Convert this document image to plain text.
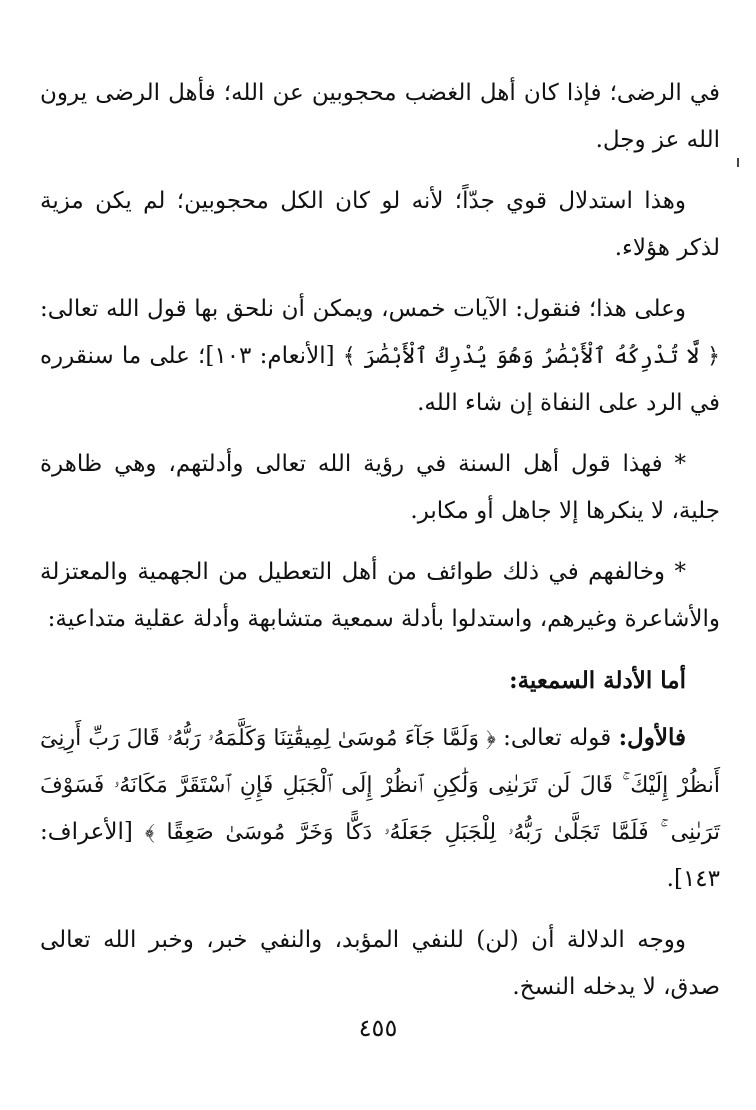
في الرضى؛ فإذا كان أهل الغضب محجوبين عن الله؛ فأهل الرضى يرون الله عز وجل.

وهذا استدلال قوي جدّاً؛ لأنه لو كان الكل محجوبين؛ لم يكن مزية لذكر هؤلاء.

وعلى هذا؛ فنقول: الآيات خمس، ويمكن أن نلحق بها قول الله تعالى: ﴿ لَّا تُدْرِكُهُ ٱلْأَبْصَٰرُ وَهُوَ يُدْرِكُ ٱلْأَبْصَٰرَ ﴾ [الأنعام: ١٠٣]؛ على ما سنقرره في الرد على النفاة إن شاء الله.

* فهذا قول أهل السنة في رؤية الله تعالى وأدلتهم، وهي ظاهرة جلية، لا ينكرها إلا جاهل أو مكابر.

* وخالفهم في ذلك طوائف من أهل التعطيل من الجهمية والمعتزلة والأشاعرة وغيرهم، واستدلوا بأدلة سمعية متشابهة وأدلة عقلية متداعية:

أما الأدلة السمعية:

فالأول: قوله تعالى: ﴿ وَلَمَّا جَآءَ مُوسَىٰ لِمِيقَٰتِنَا وَكَلَّمَهُۥ رَبُّهُۥ قَالَ رَبِّ أَرِنِىٓ أَنظُرْ إِلَيْكَ ۚ قَالَ لَن تَرَىٰنِى وَلَٰكِنِ ٱنظُرْ إِلَى ٱلْجَبَلِ فَإِنِ ٱسْتَقَرَّ مَكَانَهُۥ فَسَوْفَ تَرَىٰنِى ۚ فَلَمَّا تَجَلَّىٰ رَبُّهُۥ لِلْجَبَلِ جَعَلَهُۥ دَكًّا وَخَرَّ مُوسَىٰ صَعِقًا ﴾ [الأعراف: ١٤٣].

ووجه الدلالة أن (لن) للنفي المؤبد، والنفي خبر، وخبر الله تعالى صدق، لا يدخله النسخ.

٤٥٥
